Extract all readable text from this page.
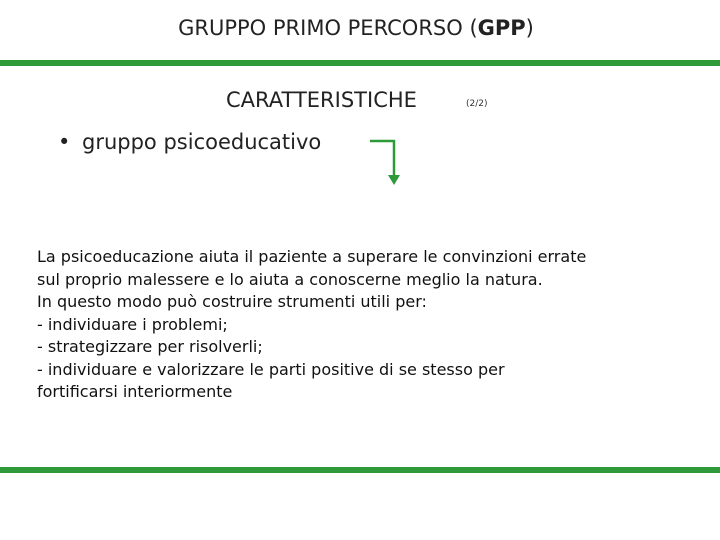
GRUPPO PRIMO PERCORSO (GPP)
CARATTERISTICHE	(2/2)
• gruppo psicoeducativo
La psicoeducazione aiuta il paziente a superare le convinzioni errate
sul proprio malessere e lo aiuta a conoscerne meglio la natura.
In questo modo può costruire strumenti utili per:
- individuare i problemi;
- strategizzare per risolverli;
- individuare e valorizzare le parti positive di se stesso per
fortificarsi interiormente
